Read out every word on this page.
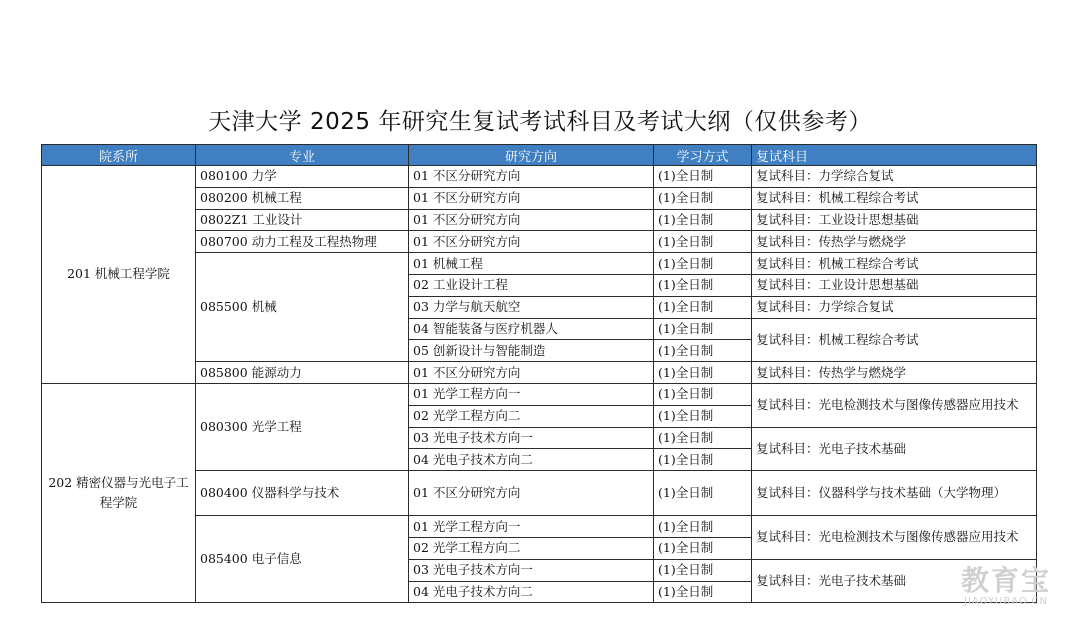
天津大学 2025 年研究生复试考试科目及考试大纲（仅供参考）
院系所	专业	研究方向	学习方式	复试科目
201 机械工程学院	080100 力学	01 不区分研究方向	(1)全日制	复试科目：力学综合复试
	080200 机械工程	01 不区分研究方向	(1)全日制	复试科目：机械工程综合考试
	0802Z1 工业设计	01 不区分研究方向	(1)全日制	复试科目：工业设计思想基础
	080700 动力工程及工程热物理	01 不区分研究方向	(1)全日制	复试科目：传热学与燃烧学
	085500 机械	01 机械工程	(1)全日制	复试科目：机械工程综合考试
		02 工业设计工程	(1)全日制	复试科目：工业设计思想基础
		03 力学与航天航空	(1)全日制	复试科目：力学综合复试
		04 智能装备与医疗机器人	(1)全日制	复试科目：机械工程综合考试
		05 创新设计与智能制造	(1)全日制	
	085800 能源动力	01 不区分研究方向	(1)全日制	复试科目：传热学与燃烧学
202 精密仪器与光电子工程学院	080300 光学工程	01 光学工程方向一	(1)全日制	复试科目：光电检测技术与图像传感器应用技术
		02 光学工程方向二	(1)全日制	
		03 光电子技术方向一	(1)全日制	复试科目：光电子技术基础
		04 光电子技术方向二	(1)全日制	
	080400 仪器科学与技术	01 不区分研究方向	(1)全日制	复试科目：仪器科学与技术基础（大学物理）
	085400 电子信息	01 光学工程方向一	(1)全日制	复试科目：光电检测技术与图像传感器应用技术
		02 光学工程方向二	(1)全日制	
		03 光电子技术方向一	(1)全日制	复试科目：光电子技术基础
		04 光电子技术方向二	(1)全日制		教育宝
JIAOYUBAO.CN
